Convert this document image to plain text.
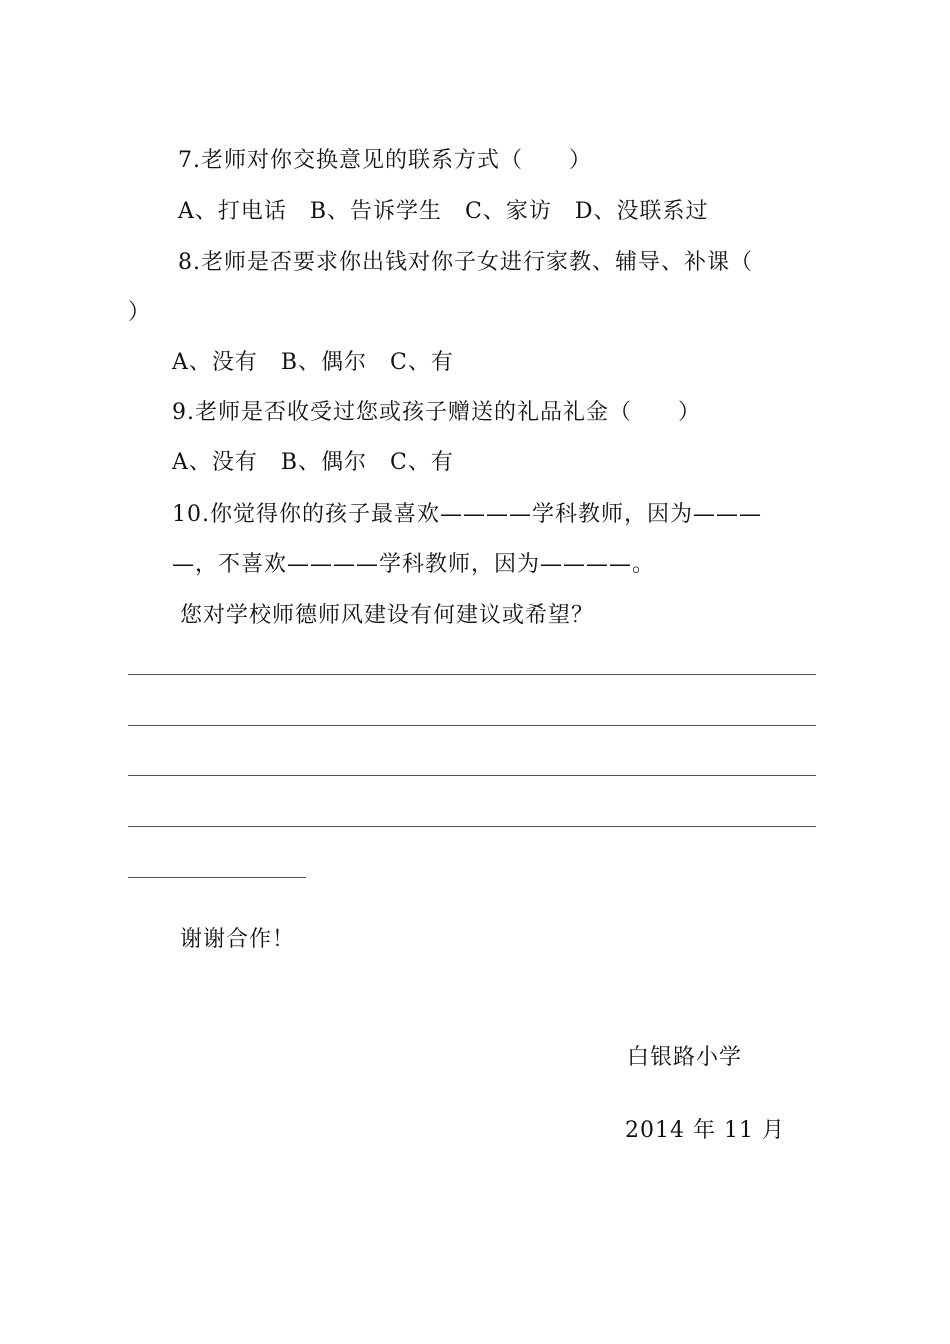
7.老师对你交换意见的联系方式（　　）
A、打电话　B、告诉学生　C、家访　D、没联系过
8.老师是否要求你出钱对你子女进行家教、辅导、补课（
）
A、没有　B、偶尔　C、有
9.老师是否收受过您或孩子赠送的礼品礼金（　　）
A、没有　B、偶尔　C、有
10.你觉得你的孩子最喜欢————学科教师，因为———
—，不喜欢————学科教师，因为————。
您对学校师德师风建设有何建议或希望？
谢谢合作！
白银路小学
2014 年 11 月
